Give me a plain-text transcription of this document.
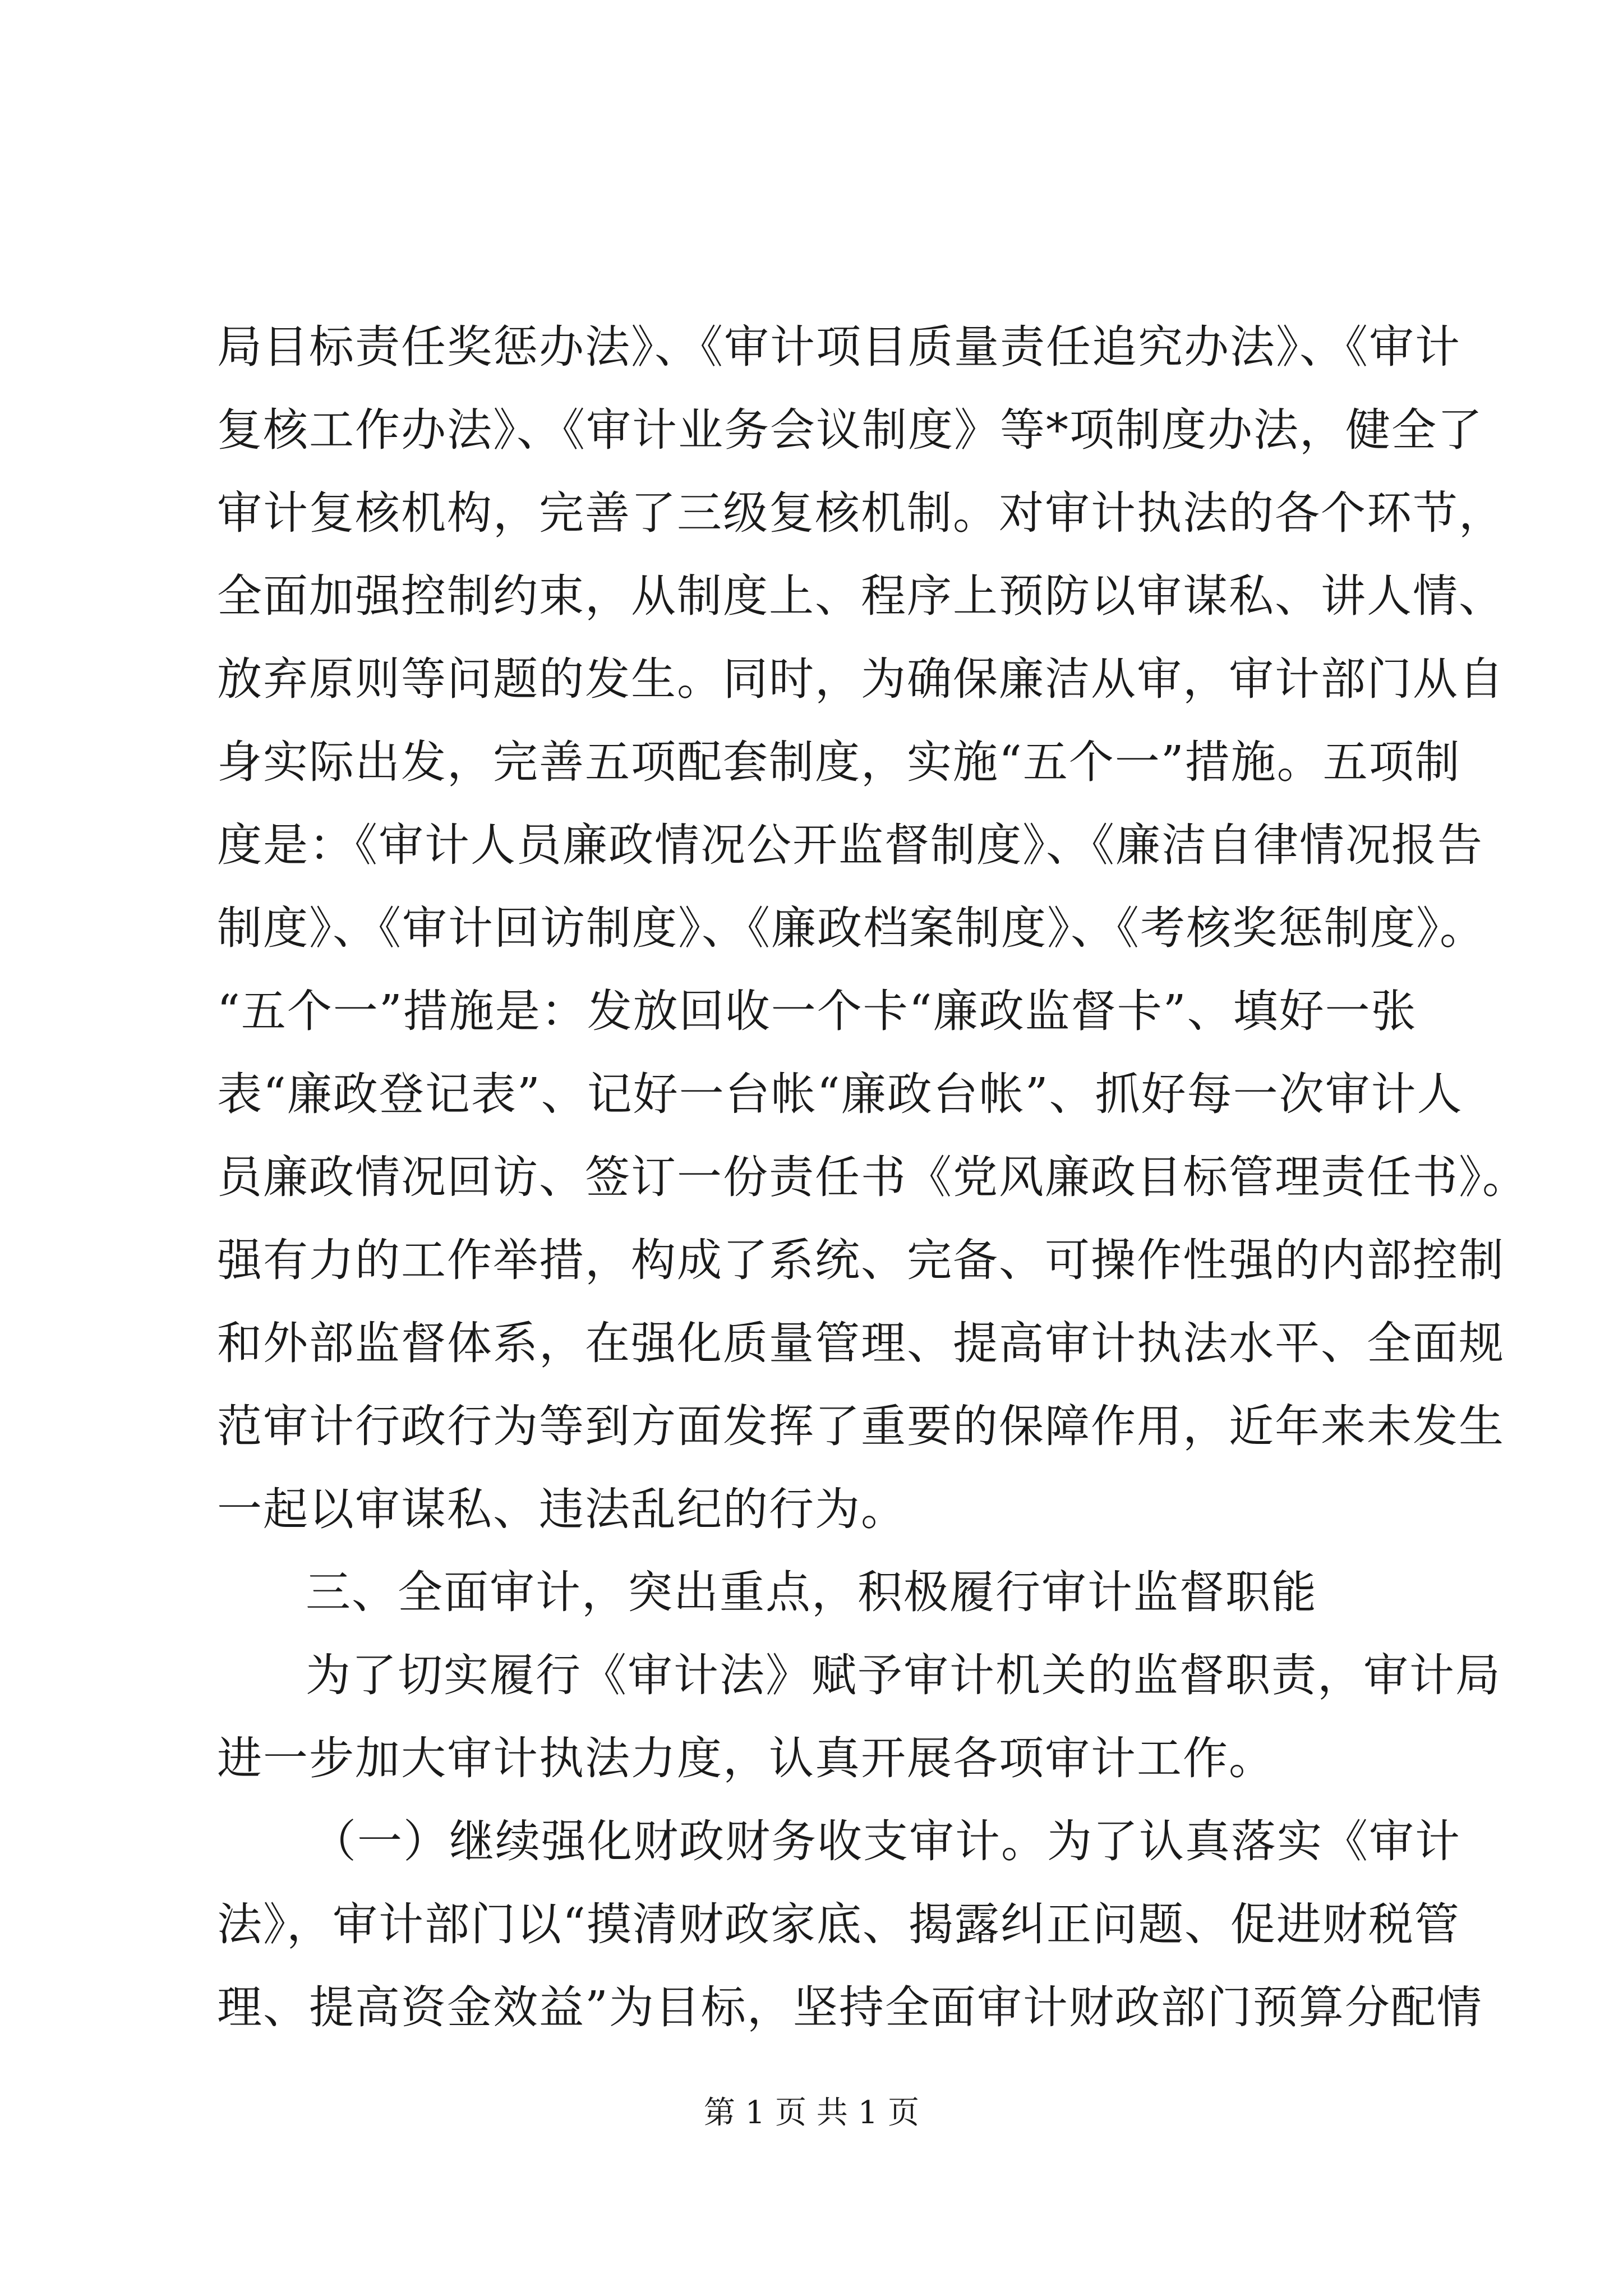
局目标责任奖惩办法》、《审计项目质量责任追究办法》、《审计
复核工作办法》、《审计业务会议制度》等*项制度办法，健全了
审计复核机构，完善了三级复核机制。对审计执法的各个环节，
全面加强控制约束，从制度上、程序上预防以审谋私、讲人情、
放弃原则等问题的发生。同时，为确保廉洁从审，审计部门从自
身实际出发，完善五项配套制度，实施“五个一”措施。五项制
度是：《审计人员廉政情况公开监督制度》、《廉洁自律情况报告
制度》、《审计回访制度》、《廉政档案制度》、《考核奖惩制度》。
“五个一”措施是：发放回收一个卡“廉政监督卡”、填好一张
表“廉政登记表”、记好一台帐“廉政台帐”、抓好每一次审计人
员廉政情况回访、签订一份责任书《党风廉政目标管理责任书》。
强有力的工作举措，构成了系统、完备、可操作性强的内部控制
和外部监督体系，在强化质量管理、提高审计执法水平、全面规
范审计行政行为等到方面发挥了重要的保障作用，近年来未发生
一起以审谋私、违法乱纪的行为。
三、全面审计，突出重点，积极履行审计监督职能
为了切实履行《审计法》赋予审计机关的监督职责，审计局
进一步加大审计执法力度，认真开展各项审计工作。
（一）继续强化财政财务收支审计。为了认真落实《审计
法》，审计部门以“摸清财政家底、揭露纠正问题、促进财税管
理、提高资金效益”为目标，坚持全面审计财政部门预算分配情
第 1 页 共 1 页
